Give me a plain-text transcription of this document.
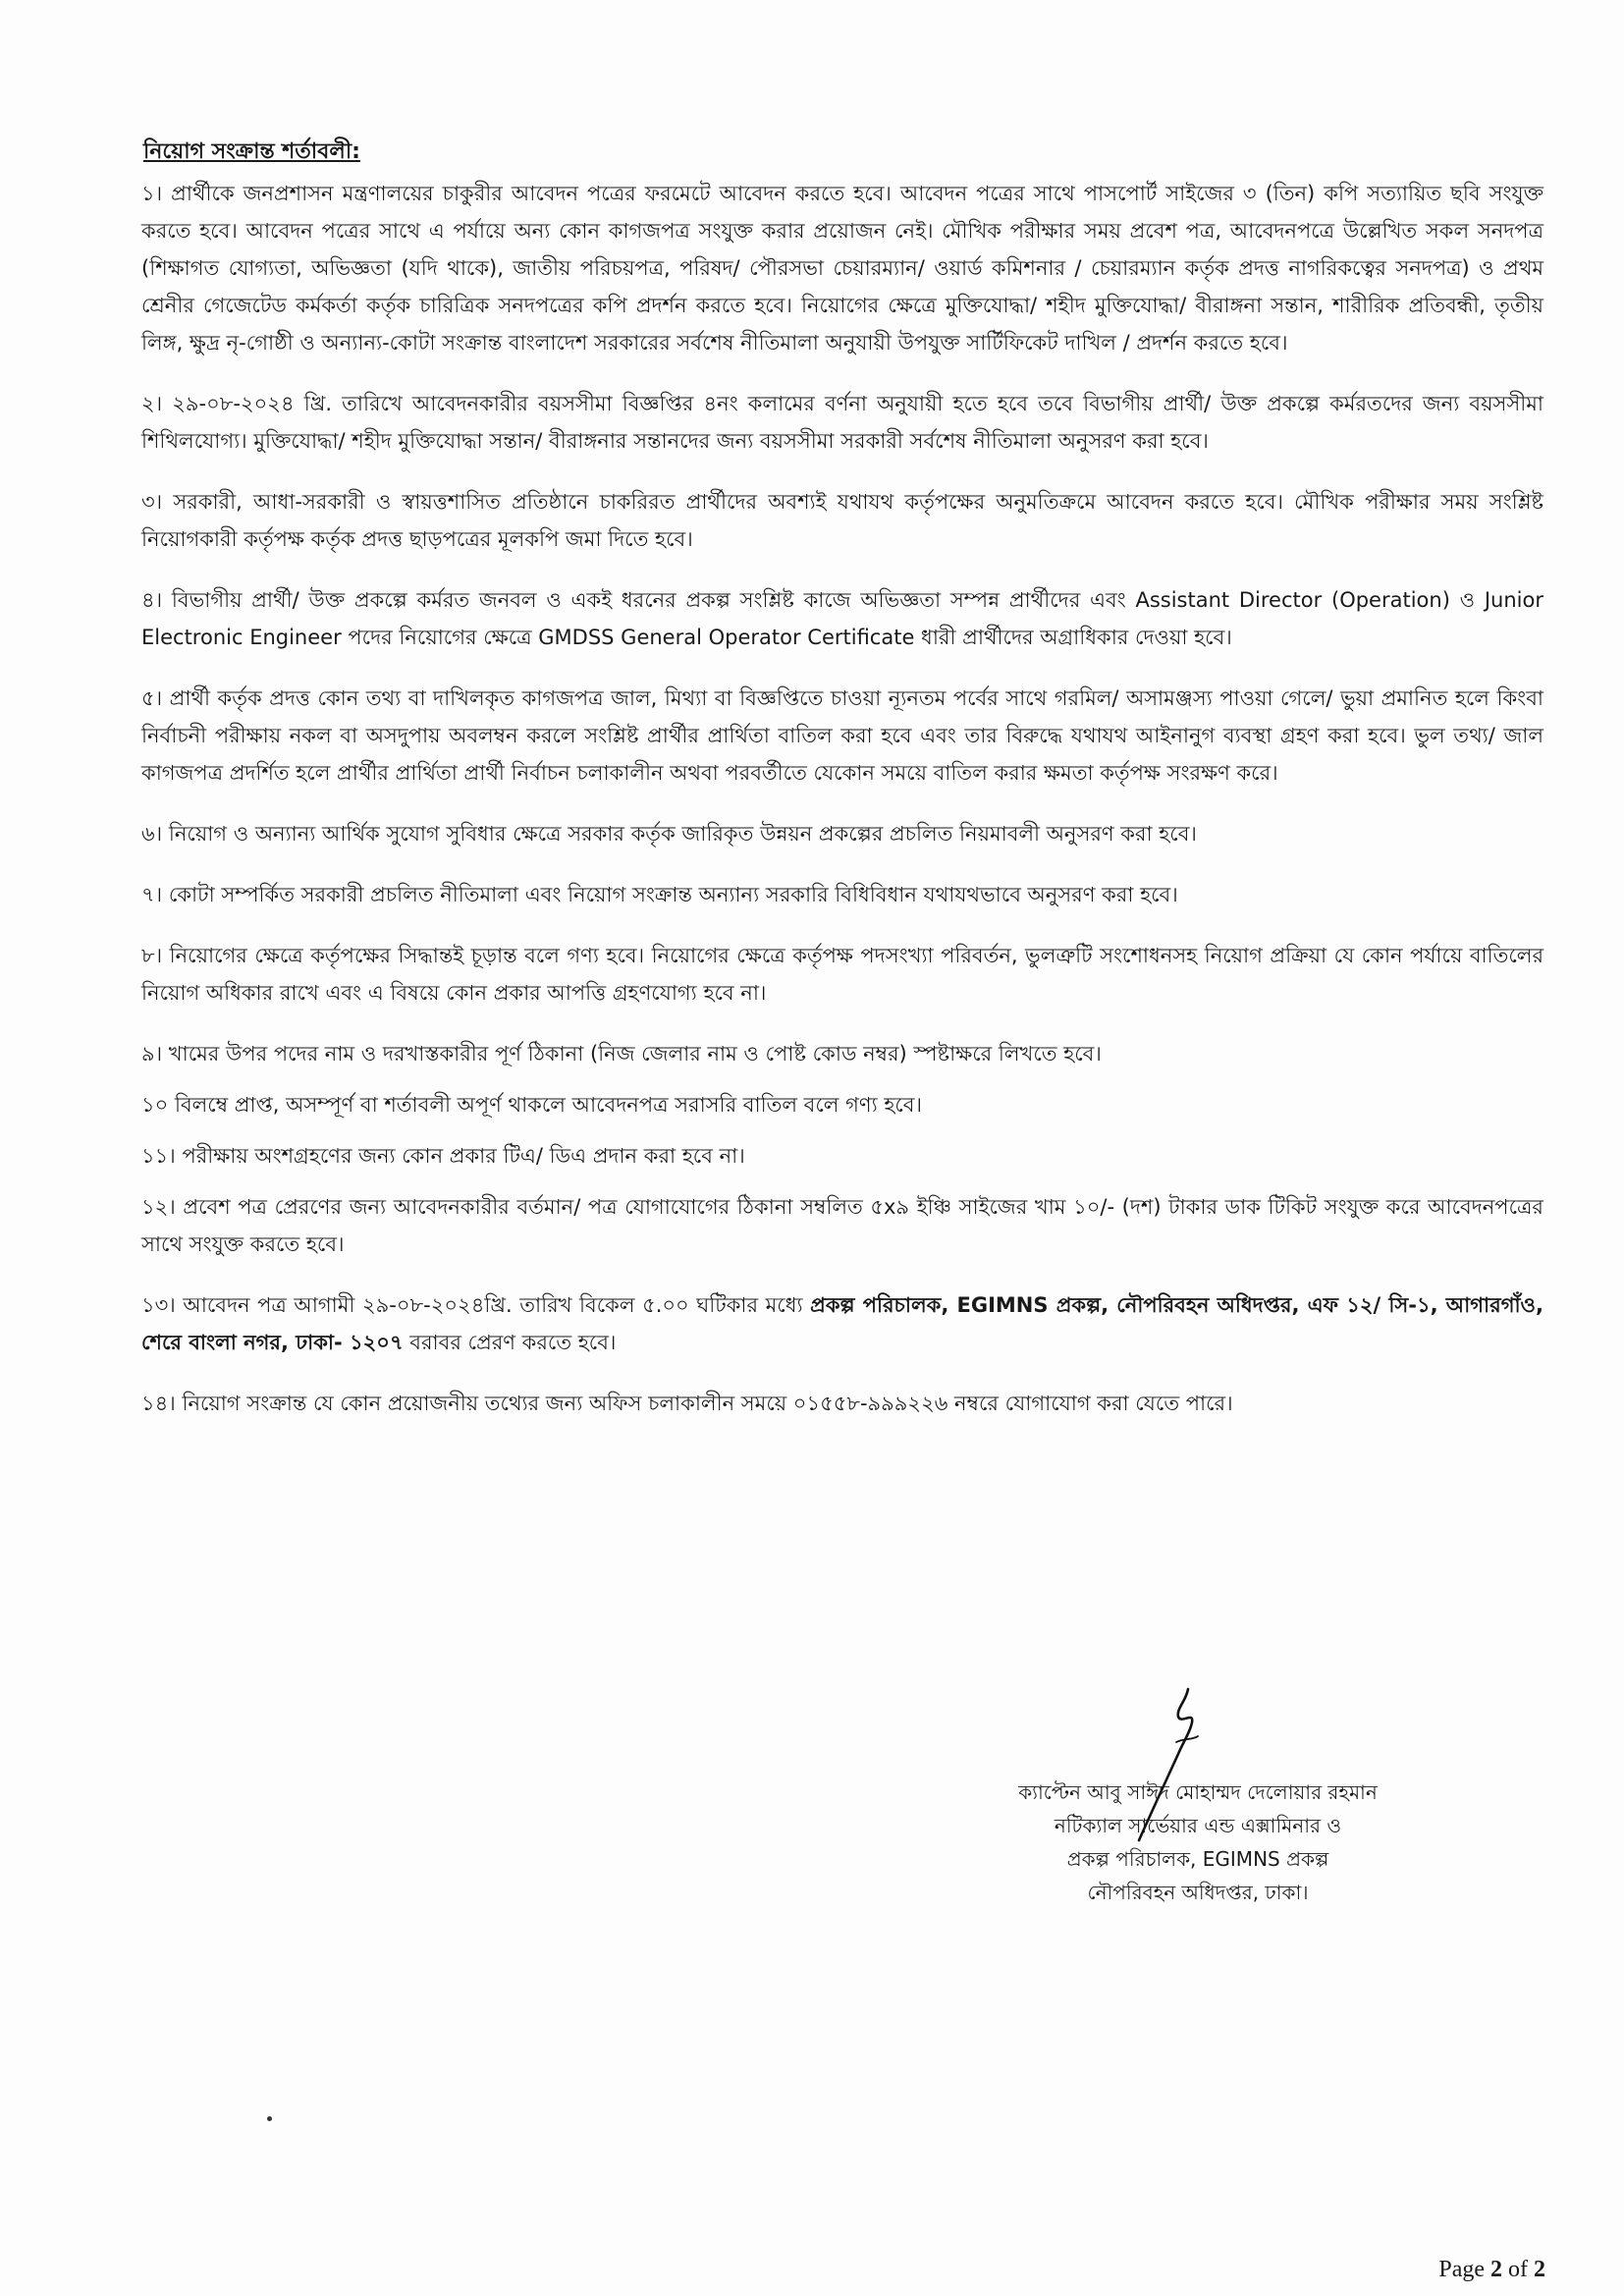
নিয়োগ সংক্রান্ত শর্তাবলী:

১। প্রার্থীকে জনপ্রশাসন মন্ত্রণালয়ের চাকুরীর আবেদন পত্রের ফরমেটে আবেদন করতে হবে। আবেদন পত্রের সাথে পাসপোর্ট সাইজের ৩ (তিন) কপি সত্যায়িত ছবি সংযুক্ত করতে হবে। আবেদন পত্রের সাথে এ পর্যায়ে অন্য কোন কাগজপত্র সংযুক্ত করার প্রয়োজন নেই। মৌখিক পরীক্ষার সময় প্রবেশ পত্র, আবেদনপত্রে উল্লেখিত সকল সনদপত্র (শিক্ষাগত যোগ্যতা, অভিজ্ঞতা (যদি থাকে), জাতীয় পরিচয়পত্র, পরিষদ/ পৌরসভা চেয়ারম্যান/ ওয়ার্ড কমিশনার / চেয়ারম্যান কর্তৃক প্রদত্ত নাগরিকত্বের সনদপত্র) ও প্রথম শ্রেনীর গেজেটেড কর্মকর্তা কর্তৃক চারিত্রিক সনদপত্রের কপি প্রদর্শন করতে হবে। নিয়োগের ক্ষেত্রে মুক্তিযোদ্ধা/ শহীদ মুক্তিযোদ্ধা/ বীরাঙ্গনা সন্তান, শারীরিক প্রতিবন্ধী, তৃতীয় লিঙ্গ, ক্ষুদ্র নৃ-গোষ্ঠী ও অন্যান্য-কোটা সংক্রান্ত বাংলাদেশ সরকারের সর্বশেষ নীতিমালা অনুযায়ী উপযুক্ত সার্টিফিকেট দাখিল / প্রদর্শন করতে হবে।

২। ২৯-০৮-২০২৪ খ্রি. তারিখে আবেদনকারীর বয়সসীমা বিজ্ঞপ্তির ৪নং কলামের বর্ণনা অনুযায়ী হতে হবে তবে বিভাগীয় প্রার্থী/ উক্ত প্রকল্পে কর্মরতদের জন্য বয়সসীমা শিথিলযোগ্য। মুক্তিযোদ্ধা/ শহীদ মুক্তিযোদ্ধা সন্তান/ বীরাঙ্গনার সন্তানদের জন্য বয়সসীমা সরকারী সর্বশেষ নীতিমালা অনুসরণ করা হবে।

৩। সরকারী, আধা-সরকারী ও স্বায়ত্তশাসিত প্রতিষ্ঠানে চাকরিরত প্রার্থীদের অবশ্যই যথাযথ কর্তৃপক্ষের অনুমতিক্রমে আবেদন করতে হবে। মৌখিক পরীক্ষার সময় সংশ্লিষ্ট নিয়োগকারী কর্তৃপক্ষ কর্তৃক প্রদত্ত ছাড়পত্রের মূলকপি জমা দিতে হবে।

৪। বিভাগীয় প্রার্থী/ উক্ত প্রকল্পে কর্মরত জনবল ও একই ধরনের প্রকল্প সংশ্লিষ্ট কাজে অভিজ্ঞতা সম্পন্ন প্রার্থীদের এবং Assistant Director (Operation) ও Junior Electronic Engineer পদের নিয়োগের ক্ষেত্রে GMDSS General Operator Certificate ধারী প্রার্থীদের অগ্রাধিকার দেওয়া হবে।

৫। প্রার্থী কর্তৃক প্রদত্ত কোন তথ্য বা দাখিলকৃত কাগজপত্র জাল, মিথ্যা বা বিজ্ঞপ্তিতে চাওয়া ন্যূনতম পর্বের সাথে গরমিল/ অসামঞ্জস্য পাওয়া গেলে/ ভুয়া প্রমানিত হলে কিংবা নির্বাচনী পরীক্ষায় নকল বা অসদুপায় অবলম্বন করলে সংশ্লিষ্ট প্রার্থীর প্রার্থিতা বাতিল করা হবে এবং তার বিরুদ্ধে যথাযথ আইনানুগ ব্যবস্থা গ্রহণ করা হবে। ভুল তথ্য/ জাল কাগজপত্র প্রদর্শিত হলে প্রার্থীর প্রার্থিতা প্রার্থী নির্বাচন চলাকালীন অথবা পরবর্তীতে যেকোন সময়ে বাতিল করার ক্ষমতা কর্তৃপক্ষ সংরক্ষণ করে।

৬। নিয়োগ ও অন্যান্য আর্থিক সুযোগ সুবিধার ক্ষেত্রে সরকার কর্তৃক জারিকৃত উন্নয়ন প্রকল্পের প্রচলিত নিয়মাবলী অনুসরণ করা হবে।

৭। কোটা সম্পর্কিত সরকারী প্রচলিত নীতিমালা এবং নিয়োগ সংক্রান্ত অন্যান্য সরকারি বিধিবিধান যথাযথভাবে অনুসরণ করা হবে।

৮। নিয়োগের ক্ষেত্রে কর্তৃপক্ষের সিদ্ধান্তই চূড়ান্ত বলে গণ্য হবে। নিয়োগের ক্ষেত্রে কর্তৃপক্ষ পদসংখ্যা পরিবর্তন, ভুলত্রুটি সংশোধনসহ নিয়োগ প্রক্রিয়া যে কোন পর্যায়ে বাতিলের নিয়োগ অধিকার রাখে এবং এ বিষয়ে কোন প্রকার আপত্তি গ্রহণযোগ্য হবে না।

৯। খামের উপর পদের নাম ও দরখাস্তকারীর পূর্ণ ঠিকানা (নিজ জেলার নাম ও পোষ্ট কোড নম্বর) স্পষ্টাক্ষরে লিখতে হবে।

১০ বিলম্বে প্রাপ্ত, অসম্পূর্ণ বা শর্তাবলী অপূর্ণ থাকলে আবেদনপত্র সরাসরি বাতিল বলে গণ্য হবে।

১১। পরীক্ষায় অংশগ্রহণের জন্য কোন প্রকার টিএ/ ডিএ প্রদান করা হবে না।

১২। প্রবেশ পত্র প্রেরণের জন্য আবেদনকারীর বর্তমান/ পত্র যোগাযোগের ঠিকানা সম্বলিত ৫x৯ ইঞ্চি সাইজের খাম ১০/- (দশ) টাকার ডাক টিকিট সংযুক্ত করে আবেদনপত্রের সাথে সংযুক্ত করতে হবে।

১৩। আবেদন পত্র আগামী ২৯-০৮-২০২৪খ্রি. তারিখ বিকেল ৫.০০ ঘটিকার মধ্যে প্রকল্প পরিচালক, EGIMNS প্রকল্প, নৌপরিবহন অধিদপ্তর, এফ ১২/ সি-১, আগারগাঁও, শেরে বাংলা নগর, ঢাকা- ১২০৭ বরাবর প্রেরণ করতে হবে।

১৪। নিয়োগ সংক্রান্ত যে কোন প্রয়োজনীয় তথ্যের জন্য অফিস চলাকালীন সময়ে ০১৫৫৮-৯৯৯২২৬ নম্বরে যোগাযোগ করা যেতে পারে।

ক্যাপ্টেন আবু সাঈদ মোহাম্মদ দেলোয়ার রহমান
নটিক্যাল সার্ভেয়ার এন্ড এক্সামিনার ও
প্রকল্প পরিচালক, EGIMNS প্রকল্প
নৌপরিবহন অধিদপ্তর, ঢাকা।
Page 2 of 2
